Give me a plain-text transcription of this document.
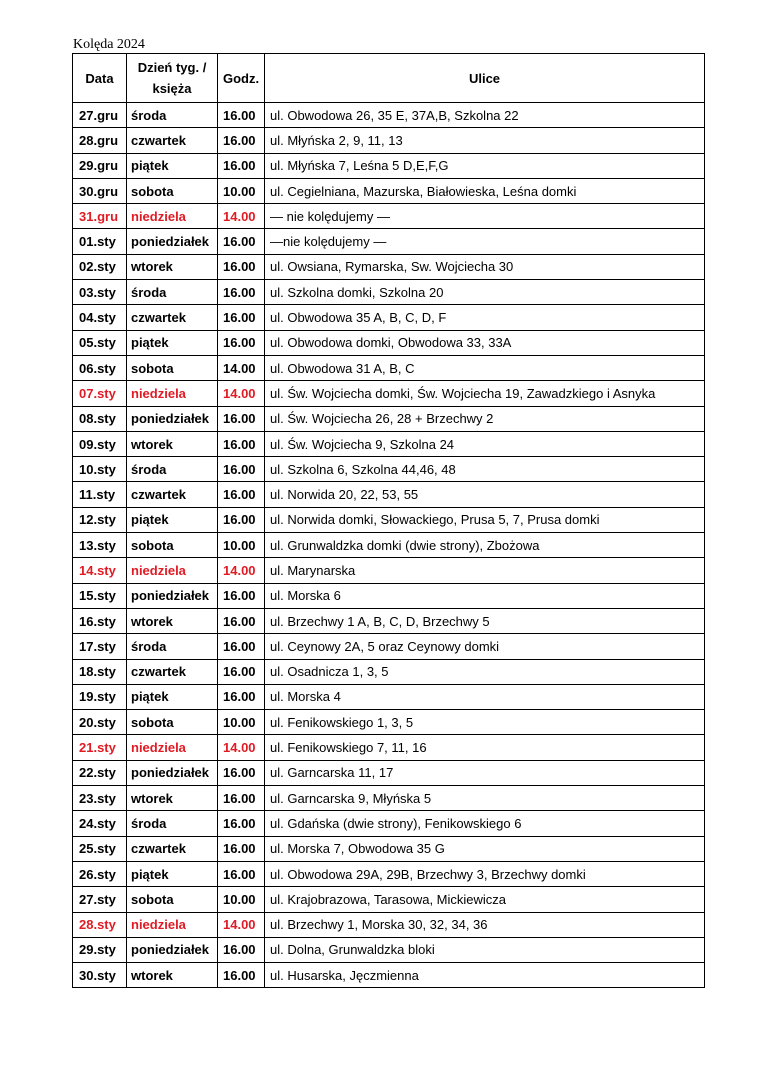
Kolęda 2024
Data	Dzień tyg. /
księża	Godz.	Ulice
27.gru	środa	16.00	ul. Obwodowa 26, 35 E, 37A,B, Szkolna 22
28.gru	czwartek	16.00	ul. Młyńska 2, 9, 11, 13
29.gru	piątek	16.00	ul. Młyńska 7, Leśna 5 D,E,F,G
30.gru	sobota	10.00	ul. Cegielniana, Mazurska, Białowieska, Leśna domki
31.gru	niedziela	14.00	— nie kolędujemy —
01.sty	poniedziałek	16.00	—nie kolędujemy —
02.sty	wtorek	16.00	ul. Owsiana, Rymarska, Sw. Wojciecha 30
03.sty	środa	16.00	ul. Szkolna domki, Szkolna 20
04.sty	czwartek	16.00	ul. Obwodowa 35 A, B, C, D, F
05.sty	piątek	16.00	ul. Obwodowa domki, Obwodowa 33, 33A
06.sty	sobota	14.00	ul. Obwodowa 31 A, B, C
07.sty	niedziela	14.00	ul. Św. Wojciecha domki, Św. Wojciecha 19, Zawadzkiego i Asnyka
08.sty	poniedziałek	16.00	ul. Św. Wojciecha 26, 28 + Brzechwy 2
09.sty	wtorek	16.00	ul. Św. Wojciecha 9, Szkolna 24
10.sty	środa	16.00	ul. Szkolna 6, Szkolna 44,46, 48
11.sty	czwartek	16.00	ul. Norwida 20, 22, 53, 55
12.sty	piątek	16.00	ul. Norwida domki, Słowackiego, Prusa 5, 7, Prusa domki
13.sty	sobota	10.00	ul. Grunwaldzka domki (dwie strony), Zbożowa
14.sty	niedziela	14.00	ul. Marynarska
15.sty	poniedziałek	16.00	ul. Morska 6
16.sty	wtorek	16.00	ul. Brzechwy 1 A, B, C, D, Brzechwy 5
17.sty	środa	16.00	ul. Ceynowy 2A, 5 oraz Ceynowy domki
18.sty	czwartek	16.00	ul. Osadnicza 1, 3, 5
19.sty	piątek	16.00	ul. Morska 4
20.sty	sobota	10.00	ul. Fenikowskiego 1, 3, 5
21.sty	niedziela	14.00	ul. Fenikowskiego 7, 11, 16
22.sty	poniedziałek	16.00	ul. Garncarska 11, 17
23.sty	wtorek	16.00	ul. Garncarska 9, Młyńska 5
24.sty	środa	16.00	ul. Gdańska (dwie strony), Fenikowskiego 6
25.sty	czwartek	16.00	ul. Morska 7, Obwodowa 35 G
26.sty	piątek	16.00	ul. Obwodowa 29A, 29B, Brzechwy 3, Brzechwy domki
27.sty	sobota	10.00	ul. Krajobrazowa, Tarasowa, Mickiewicza
28.sty	niedziela	14.00	ul. Brzechwy 1, Morska 30, 32, 34, 36
29.sty	poniedziałek	16.00	ul. Dolna, Grunwaldzka bloki
30.sty	wtorek	16.00	ul. Husarska, Jęczmienna
